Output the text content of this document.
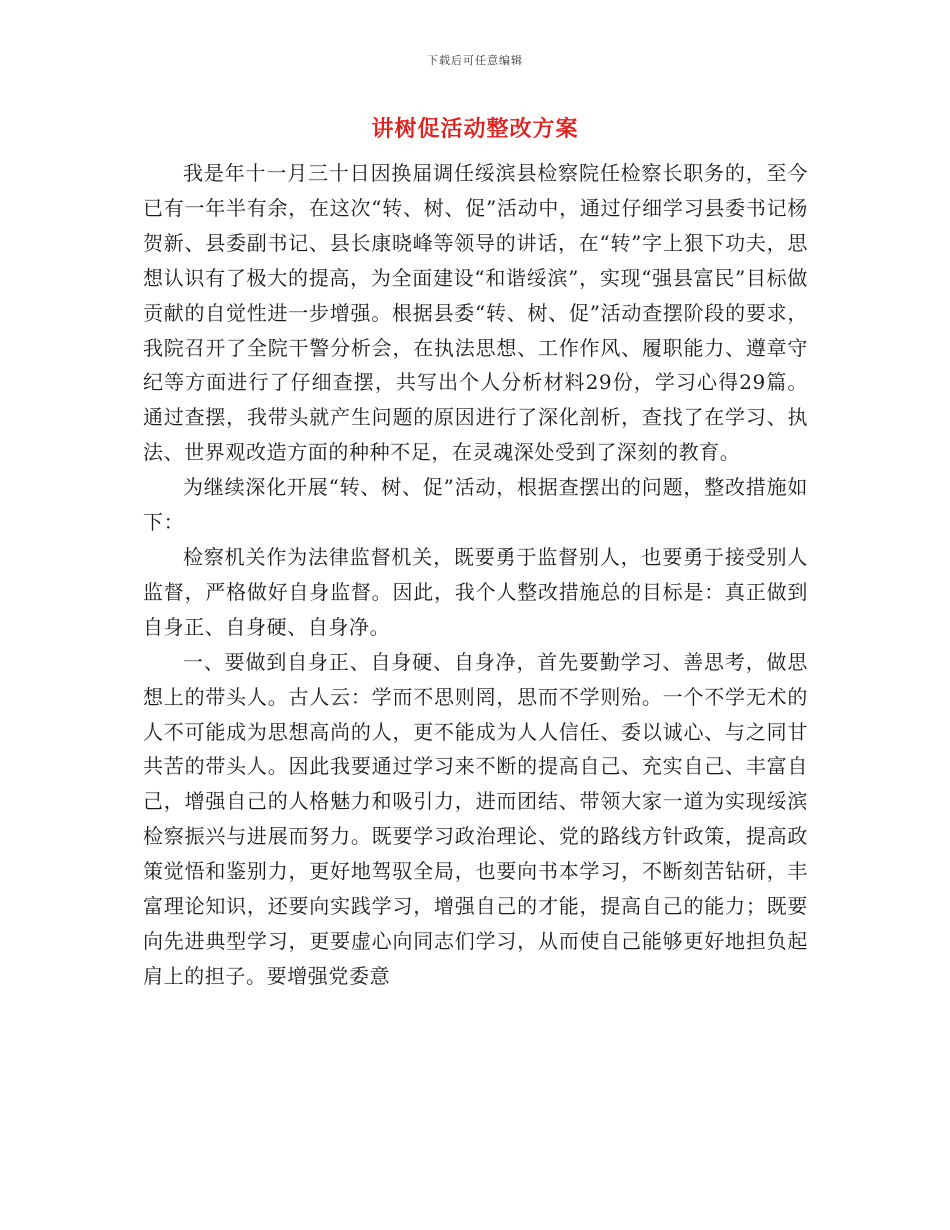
下载后可任意编辑
讲树促活动整改方案

我是年十一月三十日因换届调任绥滨县检察院任检察长职务的，至今已有一年半有余，在这次“转、树、促”活动中，通过仔细学习县委书记杨贺新、县委副书记、县长康晓峰等领导的讲话，在“转”字上狠下功夫，思想认识有了极大的提高，为全面建设“和谐绥滨”，实现“强县富民”目标做贡献的自觉性进一步增强。根据县委“转、树、促”活动查摆阶段的要求，我院召开了全院干警分析会，在执法思想、工作作风、履职能力、遵章守纪等方面进行了仔细查摆，共写出个人分析材料29份，学习心得29篇。通过查摆，我带头就产生问题的原因进行了深化剖析，查找了在学习、执法、世界观改造方面的种种不足，在灵魂深处受到了深刻的教育。

为继续深化开展“转、树、促”活动，根据查摆出的问题，整改措施如下：

检察机关作为法律监督机关，既要勇于监督别人，也要勇于接受别人监督，严格做好自身监督。因此，我个人整改措施总的目标是：真正做到自身正、自身硬、自身净。

一、要做到自身正、自身硬、自身净，首先要勤学习、善思考，做思想上的带头人。古人云：学而不思则罔，思而不学则殆。一个不学无术的人不可能成为思想高尚的人，更不能成为人人信任、委以诚心、与之同甘共苦的带头人。因此我要通过学习来不断的提高自己、充实自己、丰富自己，增强自己的人格魅力和吸引力，进而团结、带领大家一道为实现绥滨检察振兴与进展而努力。既要学习政治理论、党的路线方针政策，提高政策觉悟和鉴别力，更好地驾驭全局，也要向书本学习，不断刻苦钻研，丰富理论知识，还要向实践学习，增强自己的才能，提高自己的能力；既要向先进典型学习，更要虚心向同志们学习，从而使自己能够更好地担负起肩上的担子。要增强党委意
